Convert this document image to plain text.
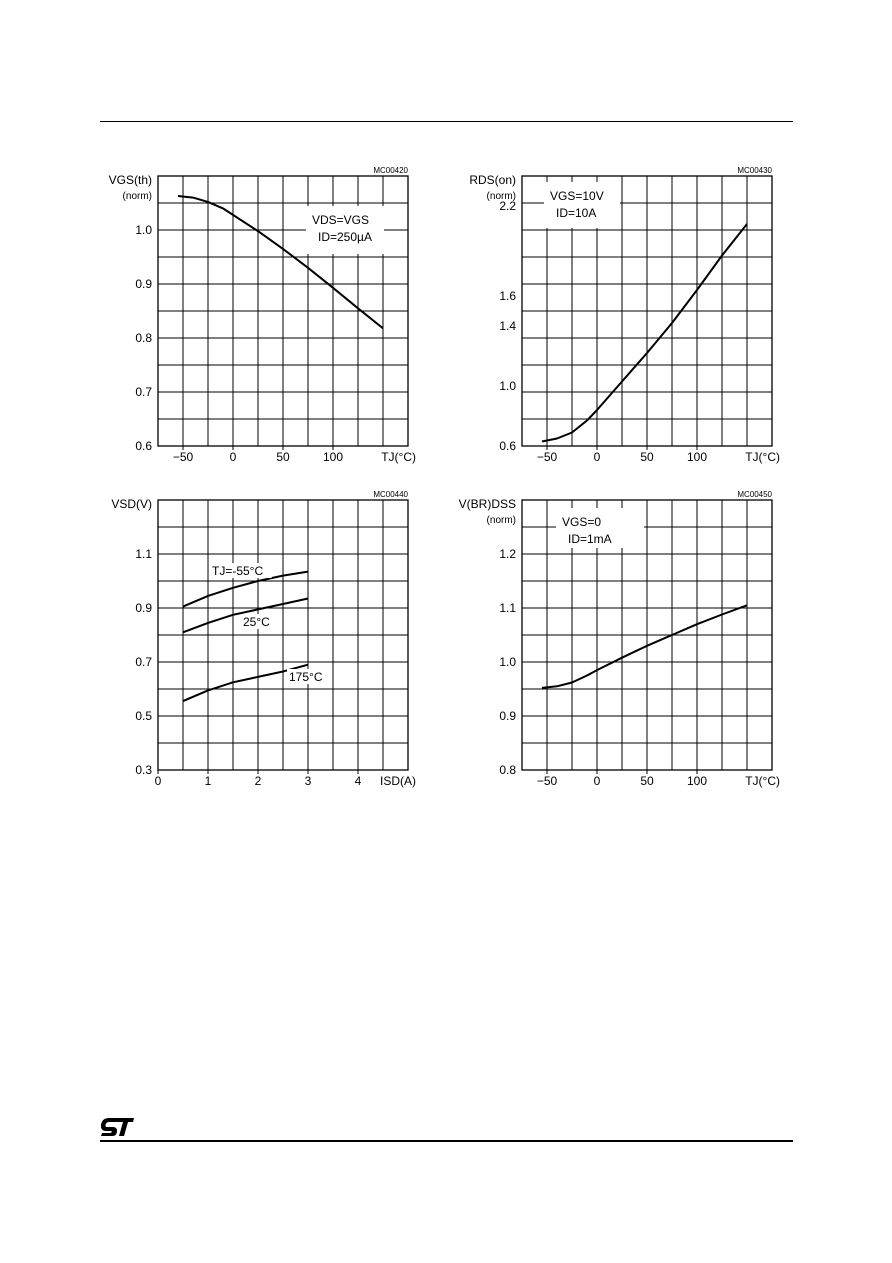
−50	0	50	100
0.6
0.7
0.8
0.9
1.0
TJ(°C)
VGS(th)
(norm)
MC00420
VDS=VGS
ID=250µA
−50	0	50	100
0.6
1.0
1.4
1.6
2.2
TJ(°C)
RDS(on)
(norm)
MC00430
VGS=10V
ID=10A
0	1	2	3	4
0.3
0.5
0.7
0.9
1.1
ISD(A)
VSD(V)
MC00440
TJ=-55°C
25°C
175°C
−50	0	50	100
0.8
0.9
1.0
1.1
1.2
TJ(°C)
V(BR)DSS
(norm)
MC00450
VGS=0
ID=1mA
